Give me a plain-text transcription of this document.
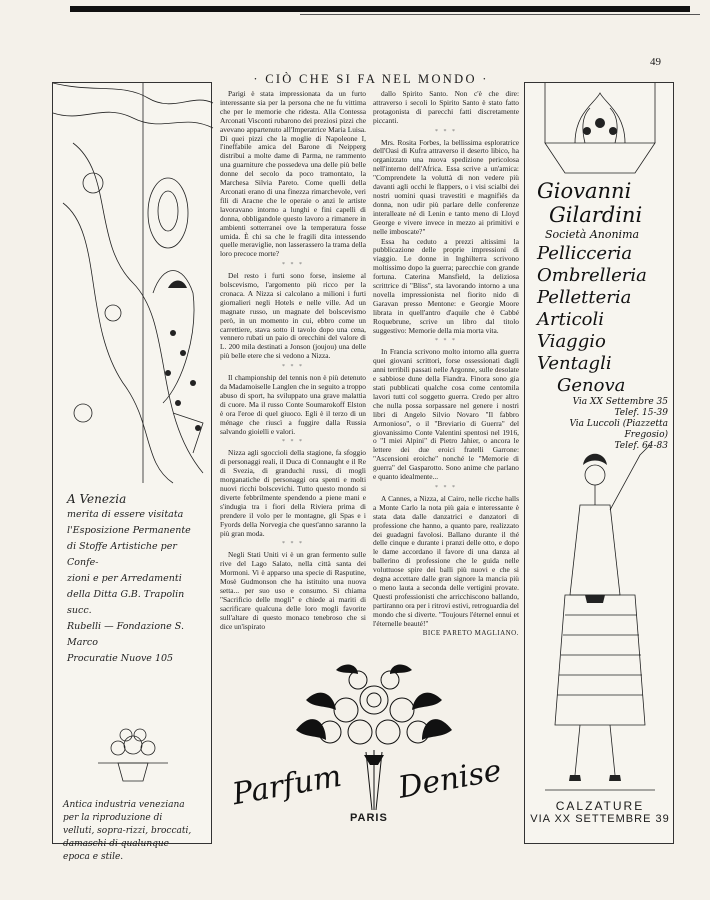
49
A Venezia
merita di essere visitata
l'Esposizione Permanente
di Stoffe Artistiche per Confe-
zioni e per Arredamenti
della Ditta G.B. Trapolin succ.
Rubelli — Fondazione S. Marco
Procuratie Nuove 105
Antica industria veneziana
per la riproduzione di
velluti, sopra-rizzi, broccati,
damaschi di qualunque
epoca e stile.
· CIÒ CHE SI FA NEL MONDO ·

Parigi è stata impressionata da un furto interessante sia per la persona che ne fu vittima che per le memorie che ridesta. Alla Contessa Arconati Visconti rubarono dei preziosi pizzi che avevano appartenuto all'Imperatrice Maria Luisa. Di quei pizzi che la moglie di Napoleone I, l'ineffabile amica del Barone di Neipperg distribuì a molte dame di Parma, ne rammento una guarniture che possedeva una delle più belle donne del secolo da poco tramontato, la Marchesa Silvia Pareto. Come quelli della Arconati erano di una finezza rimarchevole, veri fili di Aracne che le operaie o anzi le artiste lavoravano intorno a lunghi e fini capelli di donna, obbligandole questo lavoro a rimanere in ambienti sotterranei ove la temperatura fosse umida. È chi sa che le fragili dita intessendo quelle meraviglie, non lasserassero la trama della loro precoce morte?

* * *

Del resto i furti sono forse, insieme al bolscevismo, l'argomento più ricco per la cronaca. A Nizza si calcolano a milioni i furti giornalieri negli Hotels e nelle ville. Ad un magnate russo, un magnate del bolscevismo però, in un momento in cui, ebbro come un carrettiere, stava sotto il tavolo dopo una cena, vennero rubati un paio di orecchini del valore di L. 200 mila destinati a Jonson (joujou) una delle più belle etere che si vedono a Nizza.

* * *

Il championship del tennis non è più detenuto da Madamoiselle Langlen che in seguito a troppo abuso di sport, ha sviluppato una grave malattia di cuore. Ma il russo Conte Soumarokoff Elston è ora l'eroe di quel giuoco. Egli è il terzo di un ménage che riuscì a fuggire dalla Russia salvando gioielli e valori.

* * *

Nizza agli sgoccioli della stagione, fa sfoggio di personaggi reali, il Duca di Connaught e il Re di Svezia, di granduchi russi, di mogli morganatiche di personaggi ora spenti e molti nuovi ricchi bolscevichi. Tutto questo mondo si diverte febbrilmente spendendo a piene mani e s'indugia tra i fiori della Riviera prima di prendere il volo per le montagne, gli Spas e i Fyords della Norvegia che quest'anno saranno la più gran moda.

* * *

Negli Stati Uniti vi è un gran fermento sulle rive del Lago Salato, nella città santa dei Mormoni. Vi è apparso una specie di Rasputine, Mosè Gudmonson che ha istituito una nuova setta... per suo uso e consumo. Si chiama "Sacrificio delle mogli" e chiede ai mariti di sacrificare qualcuna delle loro mogli favorite sull'altare di questo monaco tenebroso che si dice un'ispirato

dallo Spirito Santo. Non c'è che dire: attraverso i secoli lo Spirito Santo è stato fatto protagonista di parecchi fatti discretamente piccanti.

* * *

Mrs. Rosita Forbes, la bellissima esploratrice dell'Oasi di Kufra attraverso il deserto libico, ha organizzato una nuova spedizione pericolosa nell'interno dell'Africa. Essa scrive a un'amica: "Comprendete la voluttà di non vedere più davanti agli occhi le flappers, o i visi scialbi dei nostri uomini quasi travestiti e magnifiés da donna, non udir più parlare delle conferenze interalleate né di Lenin e tanto meno di Lloyd George e vivere invece in mezzo ai primitivi e nelle imboscate?"

Essa ha ceduto a prezzi altissimi la pubblicazione delle proprie impressioni di viaggio. Le donne in Inghilterra scrivono moltissimo dopo la guerra; parecchie con grande fortuna. Caterina Mansfield, la deliziosa scrittrice di "Bliss", sta lavorando intorno a una novella impressionista nel fiorito nido di Garavan presso Mentone: e Georgie Moore librata in quell'antro d'aquile che è Cabbé Roquebrune, scrive un libro dal titolo suggestivo: Memorie della mia morta vita.

* * *

In Francia scrivono molto intorno alla guerra quei giovani scrittori, forse ossessionati dagli anni terribili passati nelle Argonne, sulle desolate e sabbiose dune della Fiandra. Finora sono gia stati pubblicati qualche cosa come centomila lavori tutti col soggetto guerra. Credo per altro che nulla possa sorpassare nel genere i nostri libri di Angelo Silvio Novaro "Il fabbro Armonioso", o il "Breviario di Guerra" del giovanissimo Conte Valentini spentosi nel 1916, o "I miei Alpini" di Pietro Jahier, o ancora le lettere dei due eroici fratelli Garrone: "Ascensioni eroiche" nonché le "Memorie di guerra" del Gasparotto. Sono anime che parlano e quanto idealmente...

* * *

A Cannes, a Nizza, al Cairo, nelle ricche halls a Monte Carlo la nota più gaia e interessante è stata data dalle danzatrici e danzatori di professione che hanno, a quanto pare, realizzato dei guadagni favolosi. Ballano durante il thé delle cinque e durante i pranzi delle otto, e dopo le dame accordano il favore di una danza al ballerino di professione che le guida nelle voluttuose spire dei balli più nuovi e che si degna accettare dalle gran signore la mancia più o meno lauta a seconda delle vertigini provate. Questi professionisti che arricchiscono ballando, partiranno ora per i ritrovi estivi, retroguardia del mondo che si diverte. "Toujours l'éternel ennui et l'éternelle beauté!"

BICE PARETO MAGLIANO.

Parfum Denise
PARIS
Giovanni
Gilardini
Società Anonima
Pellicceria
Ombrelleria
Pelletteria
Articoli Viaggio
Ventagli
Genova
Via XX Settembre 35
Telef. 15-39
Via Luccoli (Piazzetta Fregosio)
Telef. 64-83
CALZATURE
VIA XX SETTEMBRE 39
